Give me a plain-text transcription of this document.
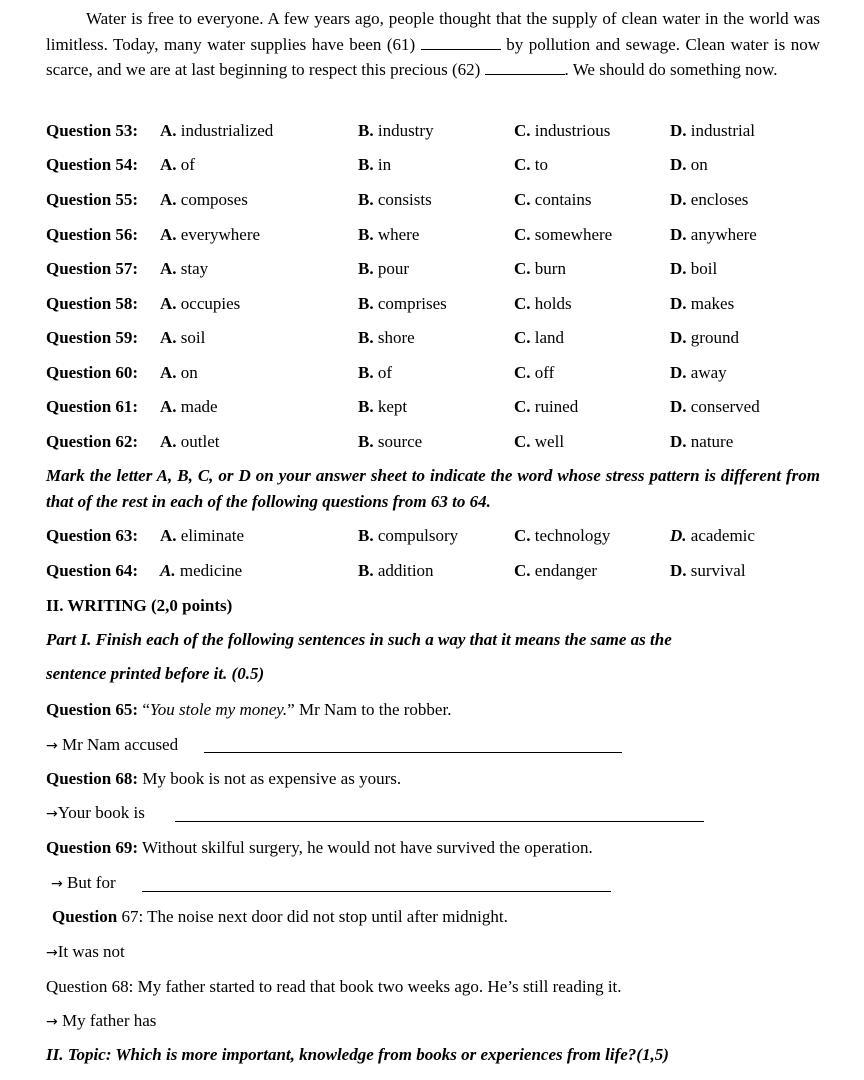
Water is free to everyone. A few years ago, people thought that the supply of clean water in the world was limitless. Today, many water supplies have been (61)	by pollution and sewage. Clean water is now scarce, and we are at last beginning to respect this precious (62)	. We should do something now.
Question 53: A. industrialized	B. industry	C. industrious	D. industrial
Question 54: A. of	B. in	C. to	D. on
Question 55: A. composes	B. consists	C. contains	D. encloses
Question 56: A. everywhere	B. where	C. somewhere	D. anywhere
Question 57: A. stay	B. pour	C. burn	D. boil
Question 58: A. occupies	B. comprises	C. holds	D. makes
Question 59: A. soil	B. shore	C. land	D. ground
Question 60: A. on	B. of	C. off	D. away
Question 61: A. made	B. kept	C. ruined	D. conserved
Question 62: A. outlet	B. source	C. well	D. nature
Mark the letter A, B, C, or D on your answer sheet to indicate the word whose stress pattern is different from that of the rest in each of the following questions from 63 to 64.
Question 63: A. eliminate	B. compulsory	C. technology	D. academic
Question 64: A. medicine	B. addition	C. endanger	D. survival
II. WRITING (2,0 points)
Part I. Finish each of the following sentences in such a way that it means the same as the
sentence printed before it. (0.5)
Question 65: “You stole my money.” Mr Nam to the robber.
→ Mr Nam accused
Question 68: My book is not as expensive as yours.
→Your book is
Question 69: Without skilful surgery, he would not have survived the operation.
→ But for
Question 67: The noise next door did not stop until after midnight.
→It was not
Question 68: My father started to read that book two weeks ago. He’s still reading it.
→ My father has
II. Topic: Which is more important, knowledge from books or experiences from life?(1,5)
